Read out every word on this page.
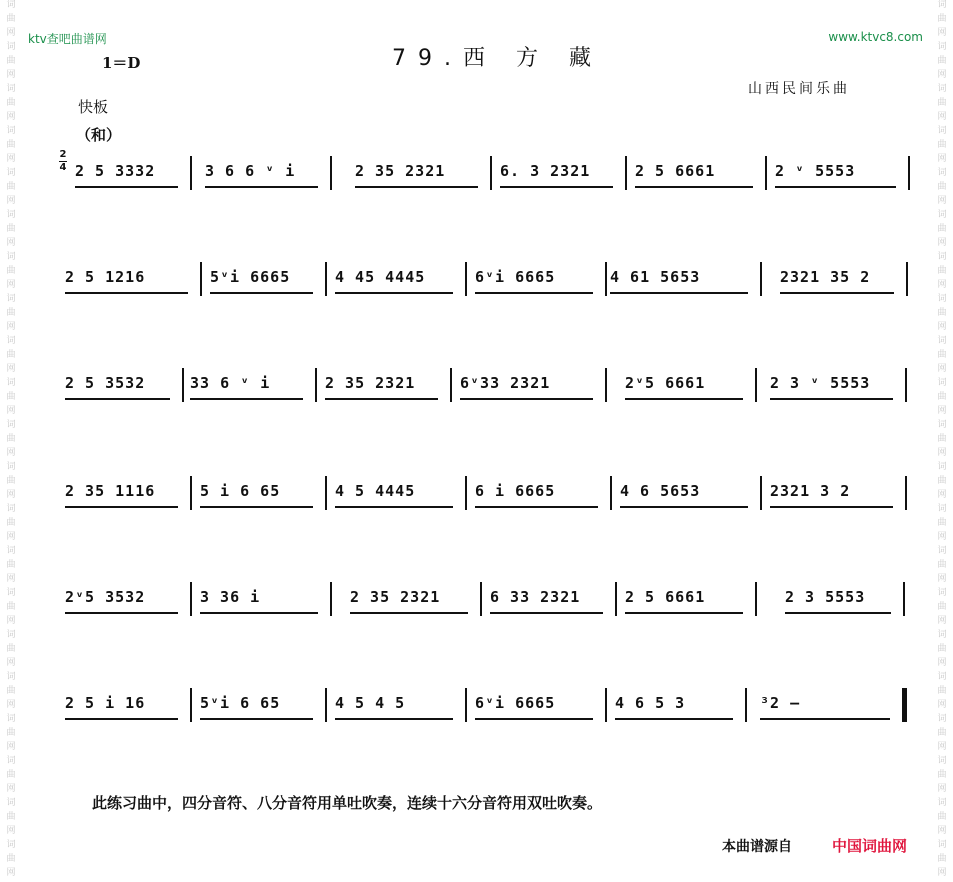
词
曲
网
词
曲
网
词
曲
网
词
曲
网
词
曲
网
词
曲
网
词
曲
网
词
曲
网
词
曲
网
词
曲
网
词
曲
网
词
曲
网
词
曲
网
词
曲
网
词
曲
网
词
曲
网
词
曲
网
词
曲
网
词
曲
网
词
曲
网
词
曲
网
词
曲
网
词
曲
网
词
曲
网
词
曲
网
词
曲
网
词
曲
网
词
曲
网
词
曲
网
词
曲
网
词
曲
网
词
曲
网
词
曲
网
词
曲
网
词
曲
网
词
曲
网
词
曲
网
词
曲
网
词
曲
网
词
曲
网
词
曲
网
词
曲
网
ktv查吧曲谱网	www.ktvc8.com
1＝D	79.西 方 藏
山西民间乐曲
快板
（和）
2
4 2 5 3332	3 6 6 ᵛ i	2 35 2321	6. 3 2321	2 5 6661	2 ᵛ 5553
2 5 1216	5ᵛi 6665	4 45 4445	6ᵛi 6665	4 61 5653	2321 35 2
2 5 3532	33 6 ᵛ i	2 35 2321	6ᵛ33 2321	2ᵛ5 6661	2 3 ᵛ 5553
2 35 1116	5 i 6 65	4 5 4445	6 i 6665	4 6 5653	2321 3 2
2ᵛ5 3532	3 36 i	2 35 2321	6 33 2321	2 5 6661	2 3 5553
2 5 i 16	5ᵛi 6 65	4 5 4 5	6ᵛi 6665	4 6 5 3	³2 –
此练习曲中，四分音符、八分音符用单吐吹奏，连续十六分音符用双吐吹奏。
本曲谱源自	中国词曲网
